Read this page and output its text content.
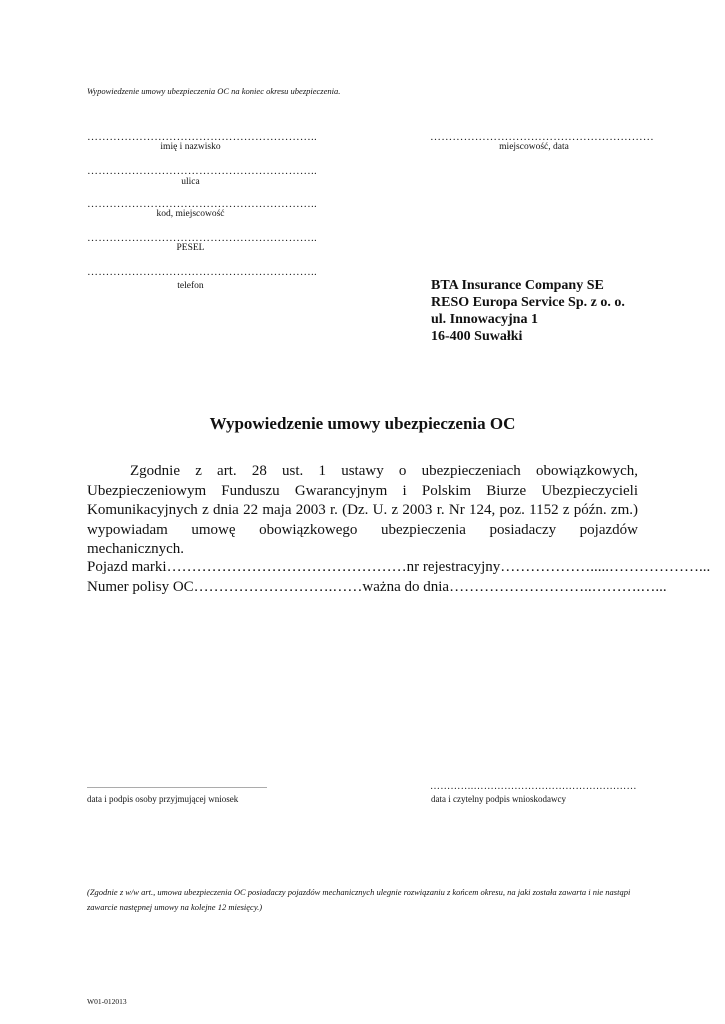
Wypowiedzenie umowy ubezpieczenia OC na koniec okresu ubezpieczenia.
……………………………………………………..
imię i nazwisko
……………………………………………………..
ulica
……………………………………………………..
kod, miejscowość
……………………………………………………..
PESEL
……………………………………………………..
telefon
……………………………………………………
miejscowość, data
BTA Insurance Company SE
RESO Europa Service Sp. z o. o.
ul. Innowacyjna 1
16-400 Suwałki
Wypowiedzenie umowy ubezpieczenia OC
Zgodnie z art. 28 ust. 1 ustawy o ubezpieczeniach obowiązkowych, Ubezpieczeniowym Funduszu Gwarancyjnym i Polskim Biurze Ubezpieczycieli Komunikacyjnych z dnia 22 maja 2003 r. (Dz. U. z 2003 r. Nr 124, poz. 1152 z późn. zm.) wypowiadam umowę obowiązkowego ubezpieczenia posiadaczy pojazdów mechanicznych.
Pojazd marki…………………………………………nr rejestracyjny……………….....………………...
Numer polisy OC……………………….……ważna do dnia………………………..……….…...
..........................................................................................
data i podpis osoby przyjmującej wniosek
………….…………………………………………
data i czytelny podpis wnioskodawcy
(Zgodnie z w/w art., umowa ubezpieczenia OC posiadaczy pojazdów mechanicznych ulegnie rozwiązaniu z końcem okresu, na jaki została zawarta i nie nastąpi zawarcie następnej umowy na kolejne 12 miesięcy.)
W01-012013
